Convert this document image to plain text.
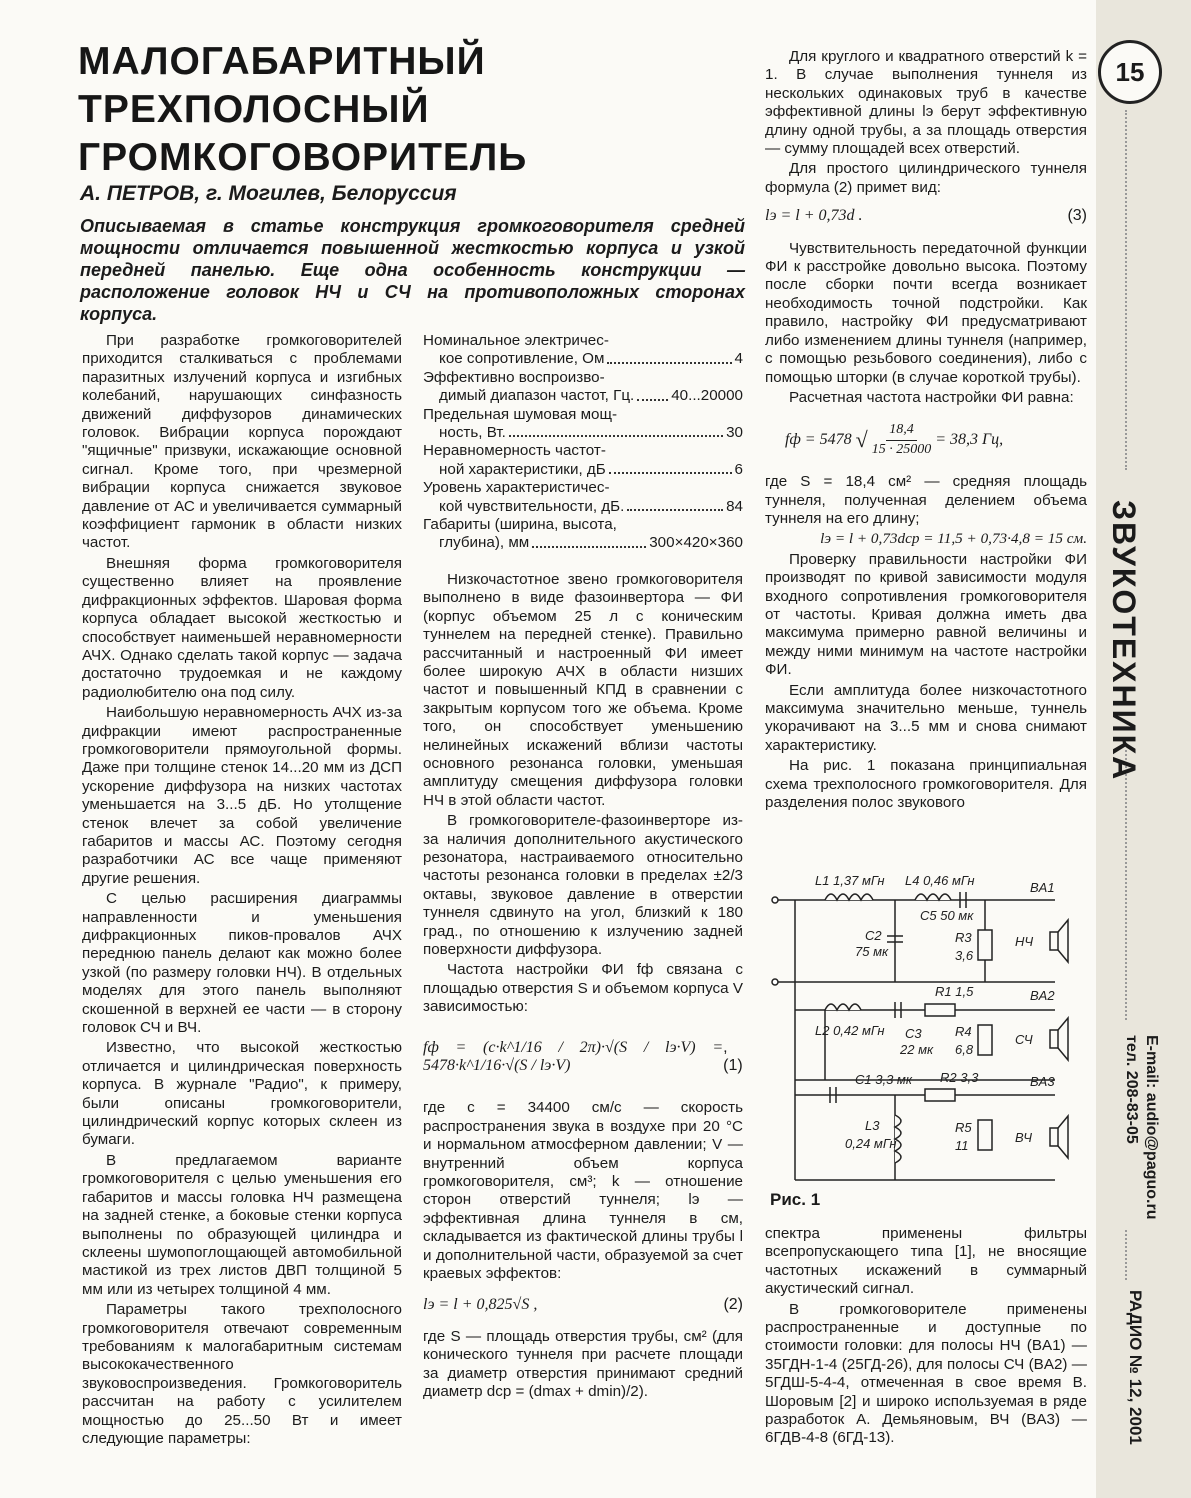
15
ЗВУКОТЕХНИКА
E-mail: audio@paguo.ru
тел. 208-83-05
РАДИО № 12, 2001
МАЛОГАБАРИТНЫЙ
ТРЕХПОЛОСНЫЙ
ГРОМКОГОВОРИТЕЛЬ
А. ПЕТРОВ, г. Могилев, Белоруссия
Описываемая в статье конструкция громкоговорителя средней мощности отличается повышенной жесткостью корпуса и узкой передней панелью. Еще одна особенность конструкции — расположение головок НЧ и СЧ на противоположных сторонах корпуса.

При разработке громкоговорителей приходится сталкиваться с проблемами паразитных излучений корпуса и изгибных колебаний, нарушающих синфазность движений диффузоров динамических головок. Вибрации корпуса порождают "ящичные" призвуки, искажающие основной сигнал. Кроме того, при чрезмерной вибрации корпуса снижается звуковое давление от АС и увеличивается суммарный коэффициент гармоник в области низких частот.

Внешняя форма громкоговорителя существенно влияет на проявление дифракционных эффектов. Шаровая форма корпуса обладает высокой жесткостью и способствует наименьшей неравномерности АЧХ. Однако сделать такой корпус — задача достаточно трудоемкая и не каждому радиолюбителю она под силу.

Наибольшую неравномерность АЧХ из-за дифракции имеют распространенные громкоговорители прямоугольной формы. Даже при толщине стенок 14...20 мм из ДСП ускорение диффузора на низких частотах уменьшается на 3...5 дБ. Но утолщение стенок влечет за собой увеличение габаритов и массы АС. Поэтому сегодня разработчики АС все чаще применяют другие решения.

С целью расширения диаграммы направленности и уменьшения дифракционных пиков-провалов АЧХ переднюю панель делают как можно более узкой (по размеру головки НЧ). В отдельных моделях для этого панель выполняют скошенной в верхней ее части — в сторону головок СЧ и ВЧ.

Известно, что высокой жесткостью отличается и цилиндрическая поверхность корпуса. В журнале "Радио", к примеру, были описаны громкоговорители, цилиндрический корпус которых склеен из бумаги.

В предлагаемом варианте громкоговорителя с целью уменьшения его габаритов и массы головка НЧ размещена на задней стенке, а боковые стенки корпуса выполнены по образующей цилиндра и склеены шумопоглощающей автомобильной мастикой из трех листов ДВП толщиной 5 мм или из четырех толщиной 4 мм.

Параметры такого трехполосного громкоговорителя отвечают современным требованиям к малогабаритным системам высококачественного звуковоспроизведения. Громкоговоритель рассчитан на работу с усилителем мощностью до 25...50 Вт и имеет следующие параметры:

Номинальное электричес-
кое сопротивление, Ом	4
Эффективно воспроизво-
димый диапазон частот, Гц. 40...20000
Предельная шумовая мощ-
ность, Вт.	30
Неравномерность частот-
ной характеристики, дБ	6
Уровень характеристичес-
кой чувствительности, дБ.	84
Габариты (ширина, высота,
глубина), мм	300×420×360

Низкочастотное звено громкоговорителя выполнено в виде фазоинвертора — ФИ (корпус объемом 25 л с коническим туннелем на передней стенке). Правильно рассчитанный и настроенный ФИ имеет более широкую АЧХ в области низших частот и повышенный КПД в сравнении с закрытым корпусом того же объема. Кроме того, он способствует уменьшению нелинейных искажений вблизи частоты основного резонанса головки, уменьшая амплитуду смещения диффузора головки НЧ в этой области частот.

В громкоговорителе-фазоинверторе из-за наличия дополнительного акустического резонатора, настраиваемого относительно частоты резонанса головки в пределах ±2/3 октавы, звуковое давление в отверстии туннеля сдвинуто на угол, близкий к 180 град., по отношению к излучению задней поверхности диффузора.

Частота настройки ФИ fф связана с площадью отверстия S и объемом корпуса V зависимостью:

fф = (c·k^1/16 / 2π)·√(S / lэ·V) = 5478·k^1/16·√(S / lэ·V)
,(1)

где c = 34400 см/с — скорость распространения звука в воздухе при 20 °С и нормальном атмосферном давлении; V — внутренний объем корпуса громкоговорителя, см³; k — отношение сторон отверстий туннеля; lэ — эффективная длина туннеля в см, складывается из фактической длины трубы l и дополнительной части, образуемой за счет краевых эффектов:

lэ = l + 0,825√S ,	(2)

где S — площадь отверстия трубы, см² (для конического туннеля при расчете площади за диаметр отверстия принимают средний диаметр dср = (dmax + dmin)/2).

Для круглого и квадратного отверстий k = 1. В случае выполнения туннеля из нескольких одинаковых труб в качестве эффективной длины lэ берут эффективную длину одной трубы, а за площадь отверстия — сумму площадей всех отверстий.

Для простого цилиндрического туннеля формула (2) примет вид:

lэ = l + 0,73d .	(3)

Чувствительность передаточной функции ФИ к расстройке довольно высока. Поэтому после сборки почти всегда возникает необходимость точной подстройки. Как правило, настройку ФИ предусматривают либо изменением длины туннеля (например, с помощью резьбового соединения), либо с помощью шторки (в случае короткой трубы).

Расчетная частота настройки ФИ равна:

fф = 5478 √ $\frac{18,4}{15 \cdot 25000} = 38,3$ Гц,

где S = 18,4 см² — средняя площадь туннеля, полученная делением объема туннеля на его длину;

lэ = l + 0,73dср = 11,5 + 0,73·4,8 = 15 см.

Проверку правильности настройки ФИ производят по кривой зависимости модуля входного сопротивления громкоговорителя от частоты. Кривая должна иметь два максимума примерно равной величины и между ними минимум на частоте настройки ФИ.

Если амплитуда более низкочастотного максимума значительно меньше, туннель укорачивают на 3...5 мм и снова снимают характеристику.

На рис. 1 показана принципиальная схема трехполосного громкоговорителя. Для разделения полос звукового

L1 1,37 мГн L4 0,46 мГн	BA1
C2
75 мк
C5 50 мк
R3
3,6
НЧ
R1 1,5	BA2
L2 0,42 мГн C3
22 мк
R4
6,8
СЧ
C1 3,3 мк R2 3,3	BA3
L3
0,24 мГн
R5
11
ВЧ
Рис. 1

спектра применены фильтры всепропускающего типа [1], не вносящие частотных искажений в суммарный акустический сигнал.

В громкоговорителе применены распространенные и доступные по стоимости головки: для полосы НЧ (BA1) — 35ГДН-1-4 (25ГД-26), для полосы СЧ (BA2) — 5ГДШ-5-4-4, отмеченная в свое время В. Шоровым [2] и широко используемая в ряде разработок А. Демьяновым, ВЧ (BA3) — 6ГДВ-4-8 (6ГД-13).
